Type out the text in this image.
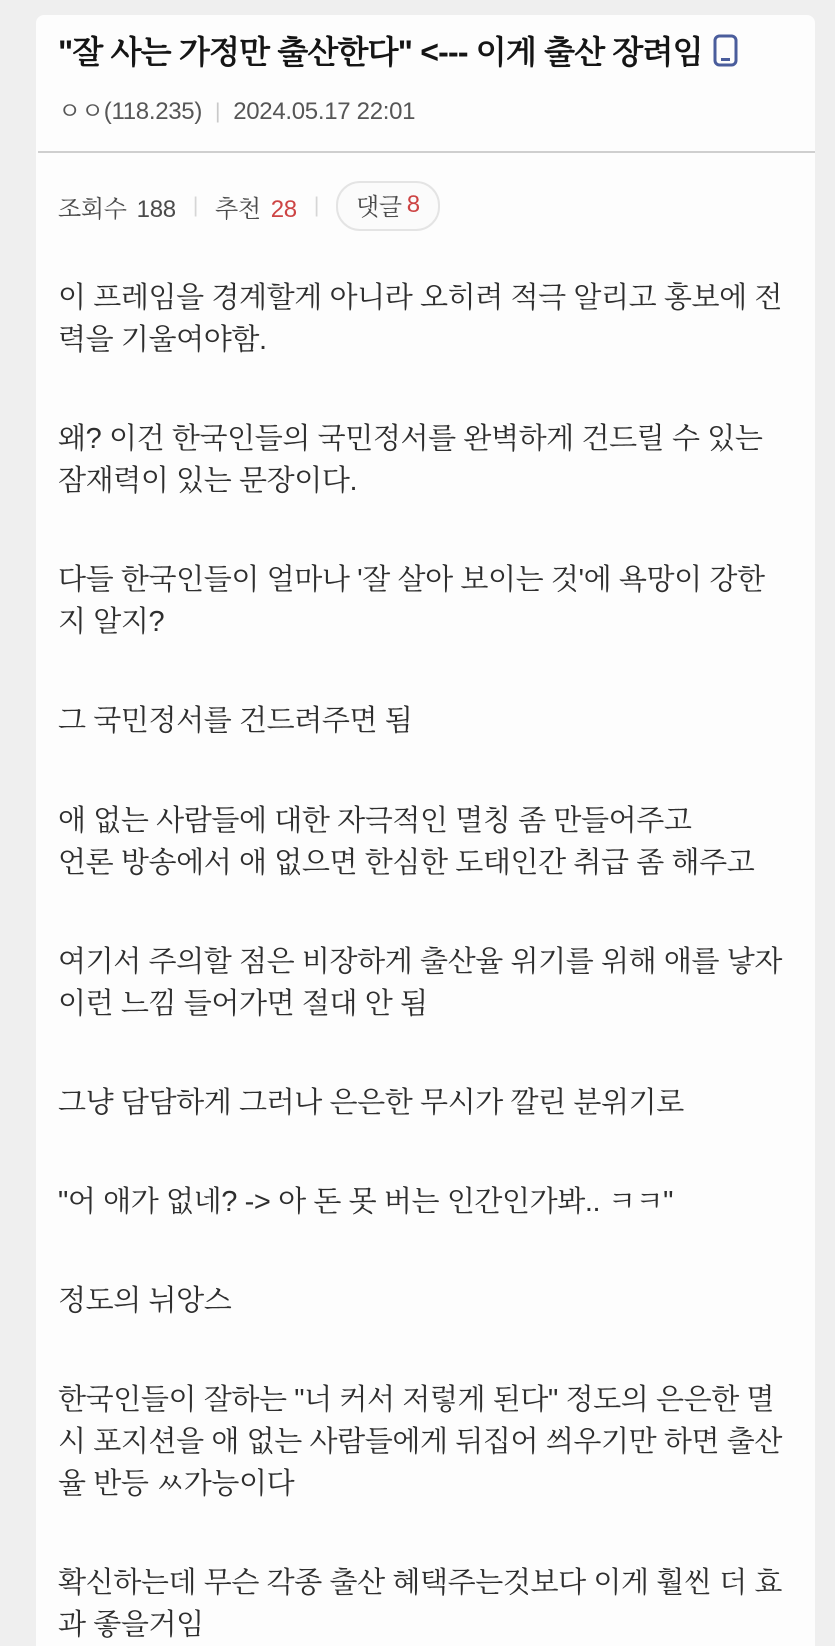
"잘 사는 가정만 출산한다" <--- 이게 출산 장려임
ㅇㅇ(118.235) | 2024.05.17 22:01
조회수 188 | 추천 28 | 댓글 8

이 프레임을 경계할게 아니라 오히려 적극 알리고 홍보에 전력을 기울여야함.

왜? 이건 한국인들의 국민정서를 완벽하게 건드릴 수 있는 잠재력이 있는 문장이다.

다들 한국인들이 얼마나 '잘 살아 보이는 것'에 욕망이 강한지 알지?

그 국민정서를 건드려주면 됨

애 없는 사람들에 대한 자극적인 멸칭 좀 만들어주고
언론 방송에서 애 없으면 한심한 도태인간 취급 좀 해주고

여기서 주의할 점은 비장하게 출산율 위기를 위해 애를 낳자 이런 느낌 들어가면 절대 안 됨

그냥 담담하게 그러나 은은한 무시가 깔린 분위기로

"어 애가 없네? -> 아 돈 못 버는 인간인가봐.. ㅋㅋ"

정도의 뉘앙스

한국인들이 잘하는 "너 커서 저렇게 된다" 정도의 은은한 멸시 포지션을 애 없는 사람들에게 뒤집어 씌우기만 하면 출산율 반등 ㅆ가능이다

확신하는데 무슨 각종 출산 혜택주는것보다 이게 훨씬 더 효과 좋을거임
